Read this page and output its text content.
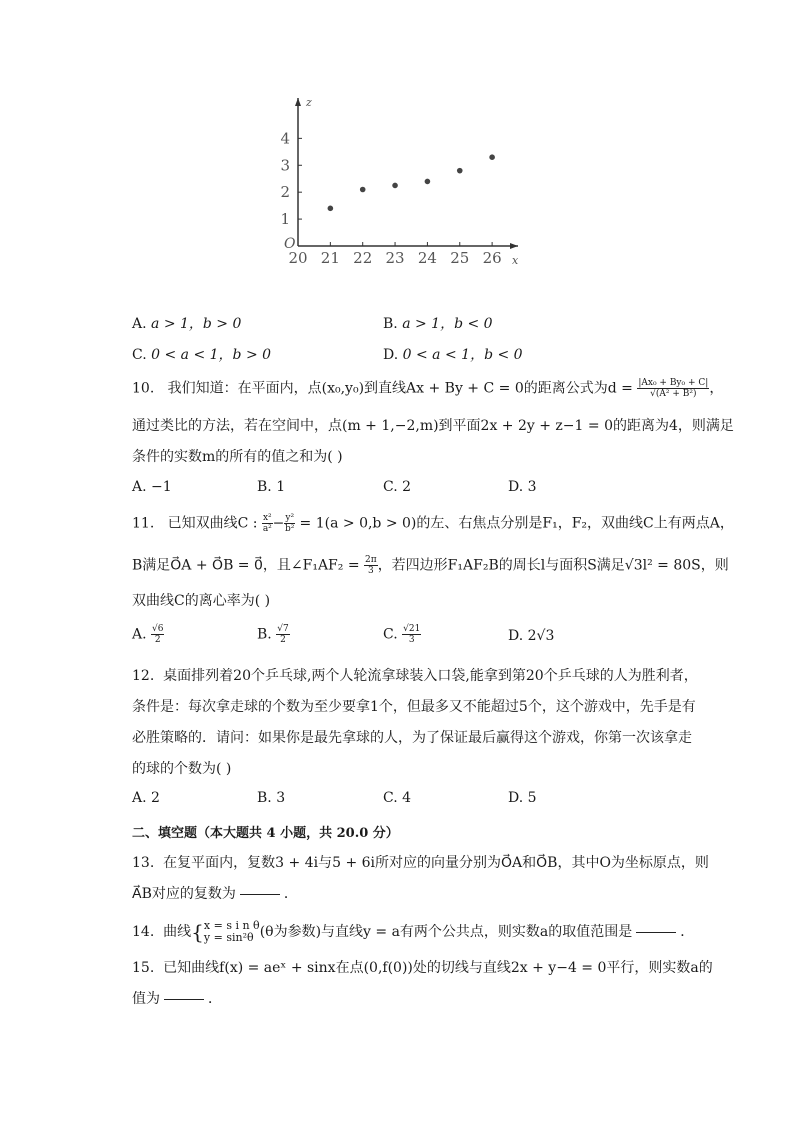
x
z
O
20 21 22 23 24 25 26
1
2
3
4
A. a > 1，b > 0	B. a > 1，b < 0
C. 0 < a < 1，b > 0	D. 0 < a < 1，b < 0
10. 我们知道：在平面内，点(x₀,y₀)到直线Ax + By + C = 0的距离公式为$d = \frac{\text{|Ax₀ + By₀ + C|}}{\text{√(A² + B²)}}$ ，
通过类比的方法，若在空间中，点(m + 1,−2,m)到平面2x + 2y + z−1 = 0的距离为4，则满足
条件的实数m的所有的值之和为( )
A. −1	B. 1	C. 2	D. 3
11. 已知双曲线C : $\frac{\text{x²}}{\text{a²}} - \frac{\text{y²}}{\text{b²}} = 1(a > 0,b > 0)$的左、右焦点分别是F₁，F₂，双曲线C上有两点A，
B满足O⃗A + O⃗B = 0⃗，且∠F₁AF₂ = $\frac{2\pi}{3}$ ，若四边形F₁AF₂B的周长l与面积S满足√3l² = 80S，则
双曲线C的离心率为( )
A. $\frac{√6}{2}$	B. $\frac{√7}{2}$	C. $\frac{√21}{3}$	D. 2√3
12. 桌面排列着20个乒乓球,两个人轮流拿球装入口袋,能拿到第20个乒乓球的人为胜利者，
条件是：每次拿走球的个数为至少要拿1个，但最多又不能超过5个，这个游戏中，先手是有
必胜策略的．请问：如果你是最先拿球的人，为了保证最后赢得这个游戏，你第一次该拿走
的球的个数为( )
A. 2	B. 3	C. 4	D. 5
二、填空题（本大题共 4 小题，共 20.0 分）
13. 在复平面内，复数3 + 4i与5 + 6i所对应的向量分别为O⃗A和O⃗B，其中O为坐标原点，则
A⃗B对应的复数为	．
14. 曲线{ x = s i n θ
y = sin²θ (θ为参数)与直线y = a有两个公共点，则实数a的取值范围是	．
15. 已知曲线f(x) = aeˣ + sinx在点(0,f(0))处的切线与直线2x + y−4 = 0平行，则实数a的
值为	．
